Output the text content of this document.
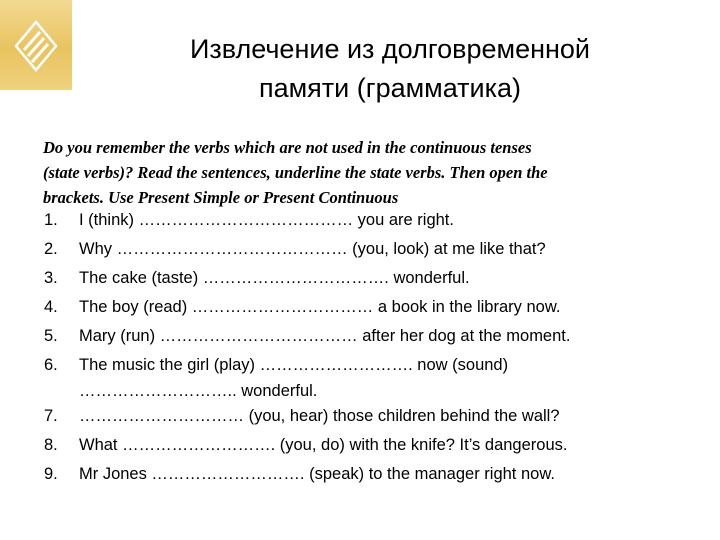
Извлечение из долговременной
памяти (грамматика)
Do you remember the verbs which are not used in the continuous tenses
(state verbs)? Read the sentences, underline the state verbs. Then open the
brackets. Use Present Simple or Present Continuous
1. I (think) ………………………………… you are right.
2. Why …………………………………… (you, look) at me like that?
3. The cake (taste) ……………………………. wonderful.
4. The boy (read) …………………………… a book in the library now.
5. Mary (run) ……………………………… after her dog at the moment.
6. The music the girl (play) ………………………. now (sound)
……………………….. wonderful.
7. ………………………… (you, hear) those children behind the wall?
8. What ………………………. (you, do) with the knife? It’s dangerous.
9. Mr Jones ………………………. (speak) to the manager right now.
